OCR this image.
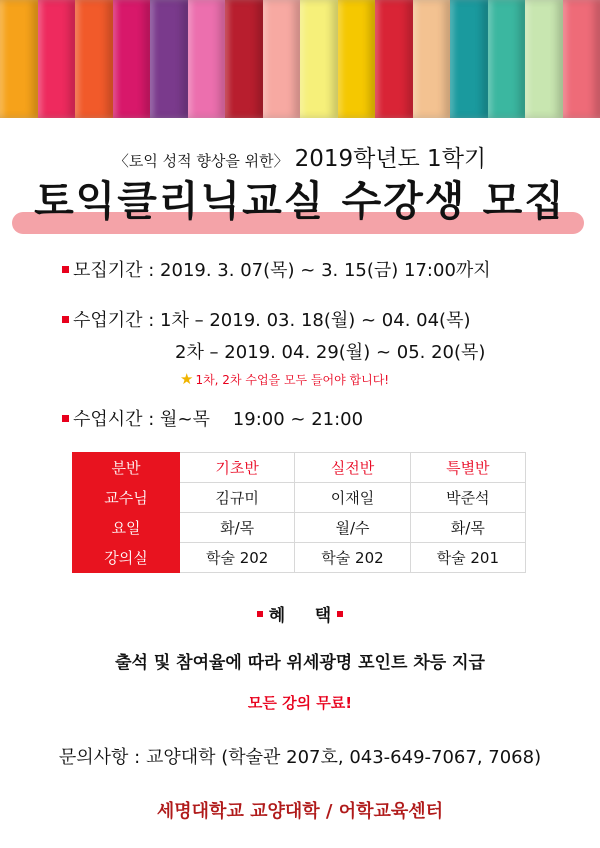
〈토익 성적 향상을 위한〉 2019학년도 1학기
토익클리닉교실 수강생 모집
모집기간 : 2019. 3. 07(목) ~ 3. 15(금) 17:00까지
수업기간 : 1차 – 2019. 03. 18(월) ~ 04. 04(목)
2차 – 2019. 04. 29(월) ~ 05. 20(목)
★ 1차, 2차 수업을 모두 들어야 합니다!
수업시간 : 월~목    19:00 ~ 21:00
분반	기초반	실전반	특별반
교수님	김규미	이재일	박준석
요일	화/목	월/수	화/목
강의실	학술 202	학술 202	학술 201
혜     택
출석 및 참여율에 따라 위세광명 포인트 차등 지급
모든 강의 무료!
문의사항 : 교양대학 (학술관 207호, 043-649-7067, 7068)
세명대학교 교양대학 / 어학교육센터
